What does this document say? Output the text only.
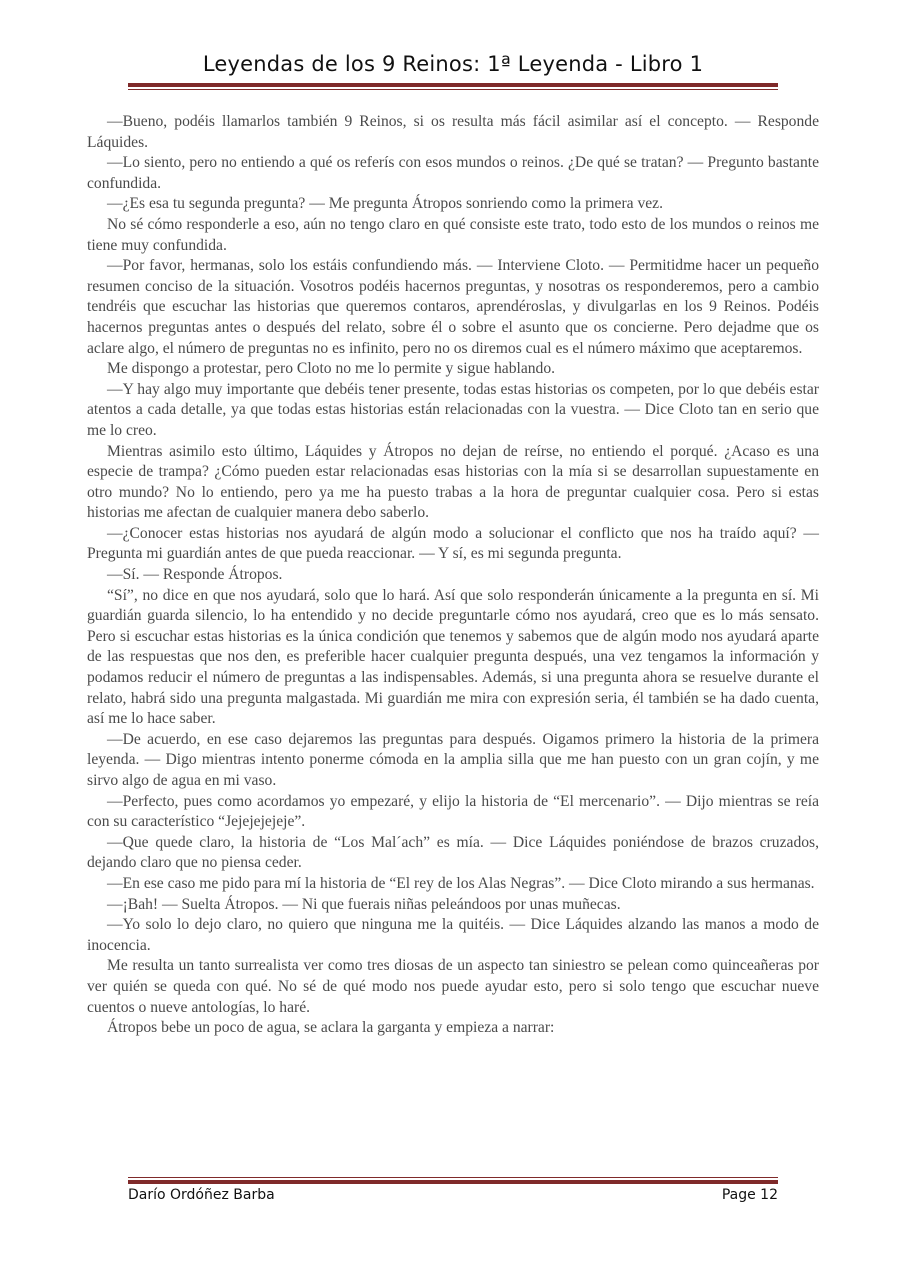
Leyendas de los 9 Reinos: 1ª Leyenda - Libro 1

—Bueno, podéis llamarlos también 9 Reinos, si os resulta más fácil asimilar así el concepto. — Responde Láquides.

—Lo siento, pero no entiendo a qué os referís con esos mundos o reinos. ¿De qué se tratan? — Pregunto bastante confundida.

—¿Es esa tu segunda pregunta? — Me pregunta Átropos sonriendo como la primera vez.

No sé cómo responderle a eso, aún no tengo claro en qué consiste este trato, todo esto de los mundos o reinos me tiene muy confundida.

—Por favor, hermanas, solo los estáis confundiendo más. — Interviene Cloto. — Permitidme hacer un pequeño resumen conciso de la situación. Vosotros podéis hacernos preguntas, y nosotras os responderemos, pero a cambio tendréis que escuchar las historias que queremos contaros, aprendéroslas, y divulgarlas en los 9 Reinos. Podéis hacernos preguntas antes o después del relato, sobre él o sobre el asunto que os concierne. Pero dejadme que os aclare algo, el número de preguntas no es infinito, pero no os diremos cual es el número máximo que aceptaremos.

Me dispongo a protestar, pero Cloto no me lo permite y sigue hablando.

—Y hay algo muy importante que debéis tener presente, todas estas historias os competen, por lo que debéis estar atentos a cada detalle, ya que todas estas historias están relacionadas con la vuestra. — Dice Cloto tan en serio que me lo creo.

Mientras asimilo esto último, Láquides y Átropos no dejan de reírse, no entiendo el porqué. ¿Acaso es una especie de trampa? ¿Cómo pueden estar relacionadas esas historias con la mía si se desarrollan supuestamente en otro mundo? No lo entiendo, pero ya me ha puesto trabas a la hora de preguntar cualquier cosa. Pero si estas historias me afectan de cualquier manera debo saberlo.

—¿Conocer estas historias nos ayudará de algún modo a solucionar el conflicto que nos ha traído aquí? — Pregunta mi guardián antes de que pueda reaccionar. — Y sí, es mi segunda pregunta.

—Sí. — Responde Átropos.

“Sí”, no dice en que nos ayudará, solo que lo hará. Así que solo responderán únicamente a la pregunta en sí. Mi guardián guarda silencio, lo ha entendido y no decide preguntarle cómo nos ayudará, creo que es lo más sensato. Pero si escuchar estas historias es la única condición que tenemos y sabemos que de algún modo nos ayudará aparte de las respuestas que nos den, es preferible hacer cualquier pregunta después, una vez tengamos la información y podamos reducir el número de preguntas a las indispensables. Además, si una pregunta ahora se resuelve durante el relato, habrá sido una pregunta malgastada. Mi guardián me mira con expresión seria, él también se ha dado cuenta, así me lo hace saber.

—De acuerdo, en ese caso dejaremos las preguntas para después. Oigamos primero la historia de la primera leyenda. — Digo mientras intento ponerme cómoda en la amplia silla que me han puesto con un gran cojín, y me sirvo algo de agua en mi vaso.

—Perfecto, pues como acordamos yo empezaré, y elijo la historia de “El mercenario”. — Dijo mientras se reía con su característico “Jejejejejeje”.

—Que quede claro, la historia de “Los Mal´ach” es mía. — Dice Láquides poniéndose de brazos cruzados, dejando claro que no piensa ceder.

—En ese caso me pido para mí la historia de “El rey de los Alas Negras”. — Dice Cloto mirando a sus hermanas.

—¡Bah! — Suelta Átropos. — Ni que fuerais niñas peleándoos por unas muñecas.

—Yo solo lo dejo claro, no quiero que ninguna me la quitéis. — Dice Láquides alzando las manos a modo de inocencia.

Me resulta un tanto surrealista ver como tres diosas de un aspecto tan siniestro se pelean como quinceañeras por ver quién se queda con qué. No sé de qué modo nos puede ayudar esto, pero si solo tengo que escuchar nueve cuentos o nueve antologías, lo haré.

Átropos bebe un poco de agua, se aclara la garganta y empieza a narrar:

Darío Ordóñez Barba	Page 12
